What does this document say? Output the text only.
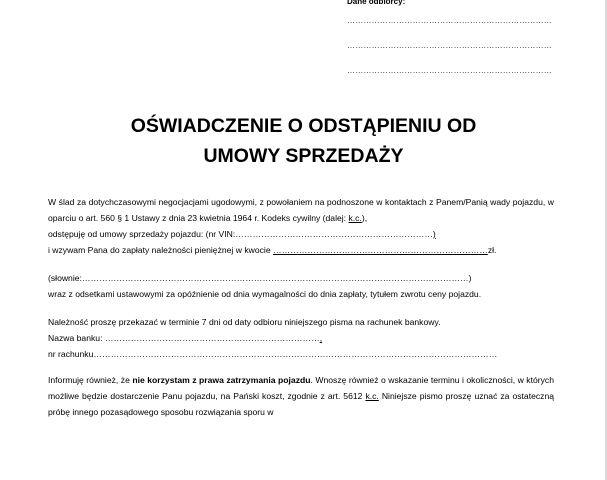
Dane odbiorcy:
…………………………………………………………………
…………………………………………………………………
…………………………………………………………………
OŚWIADCZENIE O ODSTĄPIENIU OD
UMOWY SPRZEDAŻY

W ślad za dotychczasowymi negocjacjami ugodowymi, z powołaniem na podnoszone w kontaktach z Panem/Panią wady pojazdu, w oparciu o art. 560 § 1 Ustawy z dnia 23 kwietnia 1964 r. Kodeks cywilny (dalej: k.c.),

odstępuję od umowy sprzedaży pojazdu: (nr VIN:……………………………………………………………)

i wzywam Pana do zapłaty należności pieniężnej w kwocie …………………………………………………………………zł.

(słownie:………………………………………………………………………………………………………………………)

wraz z odsetkami ustawowymi za opóźnienie od dnia wymagalności do dnia zapłaty, tytułem zwrotu ceny pojazdu.

Należność proszę przekazać w terminie 7 dni od daty odbioru niniejszego pisma na rachunek bankowy.

Nazwa banku: …………………………………………………………………,

nr rachunku……………………………………………………………………………………………………………………………

Informuję również, że nie korzystam z prawa zatrzymania pojazdu. Wnoszę również o wskazanie terminu i okoliczności, w których możliwe będzie dostarczenie Panu pojazdu, na Pański koszt, zgodnie z art. 5612 k.c. Niniejsze pismo proszę uznać za ostateczną próbę innego pozasądowego sposobu rozwiązania sporu w
